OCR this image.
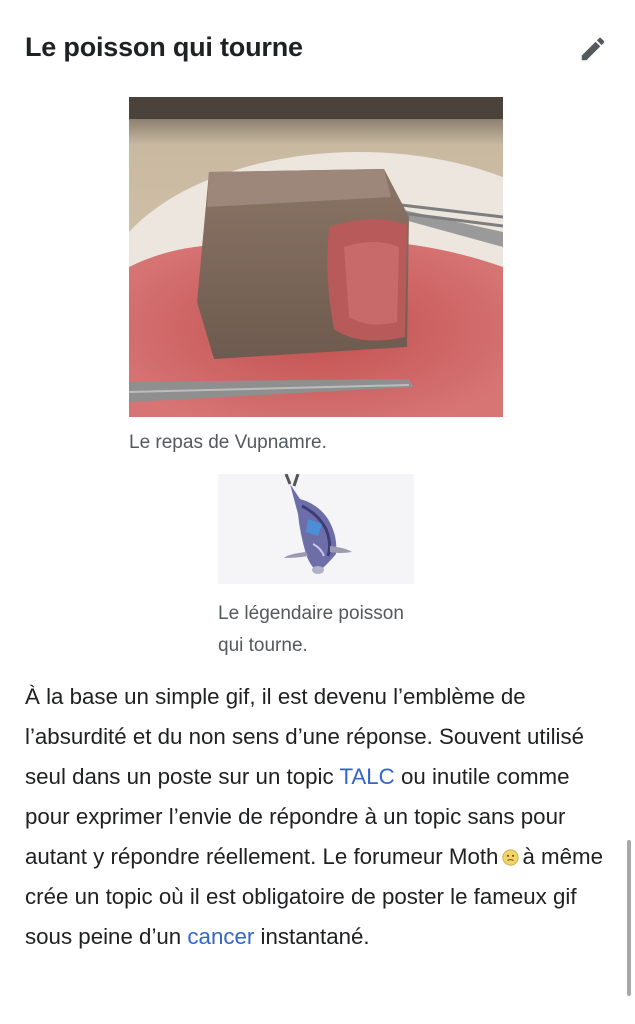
Le poisson qui tourne
Le repas de Vupnamre.
Le légendaire poisson qui tourne.
À la base un simple gif, il est devenu l’emblème de l’absurdité et du non sens d’une réponse. Souvent utilisé seul dans un poste sur un topic TALC ou inutile comme pour exprimer l’envie de répondre à un topic sans pour autant y répondre réellement. Le forumeur Moth à même crée un topic où il est obligatoire de poster le fameux gif sous peine d’un cancer instantané.
